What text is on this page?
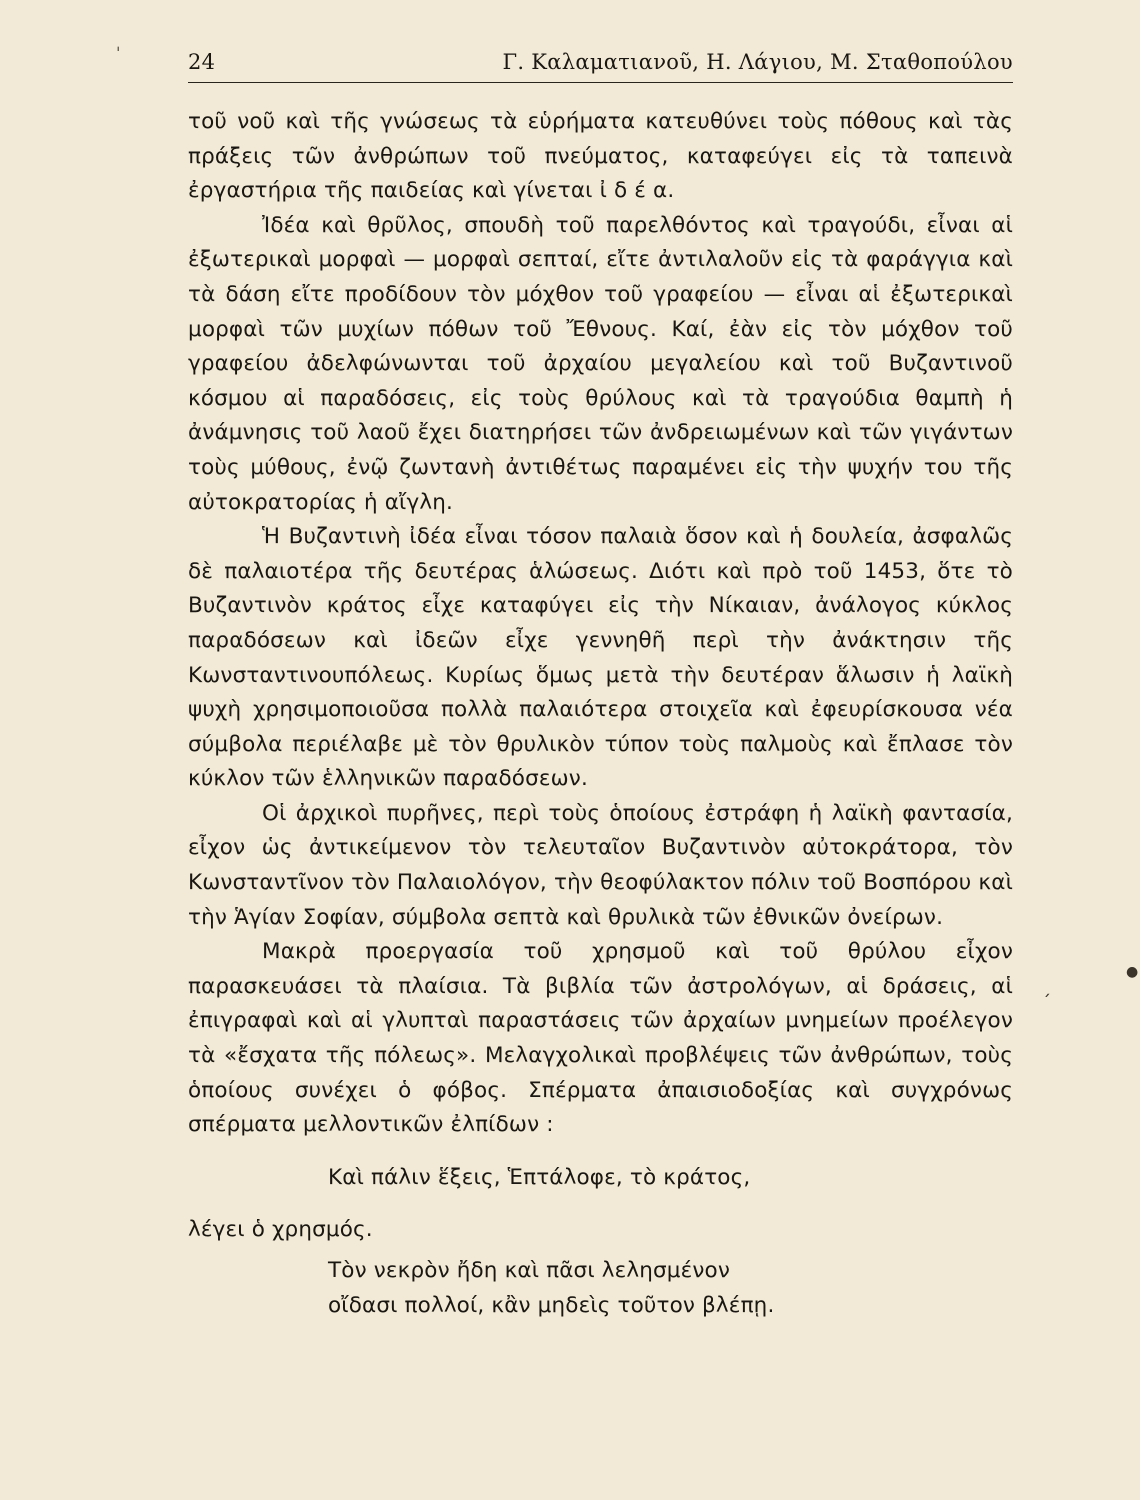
24	Γ. Καλαματιανοῦ, Η. Λάγιου, Μ. Σταθοπούλου

τοῦ νοῦ καὶ τῆς γνώσεως τὰ εὑρήματα κατευθύνει τοὺς πόθους καὶ τὰς πράξεις τῶν ἀνθρώπων τοῦ πνεύματος, καταφεύγει εἰς τὰ ταπεινὰ ἐργαστήρια τῆς παιδείας καὶ γίνεται ἰ δ έ α.

Ἰδέα καὶ θρῦλος, σπουδὴ τοῦ παρελθόντος καὶ τραγούδι, εἶναι αἱ ἐξωτερικαὶ μορφαὶ — μορφαὶ σεπταί, εἴτε ἀντιλαλοῦν εἰς τὰ φαράγγια καὶ τὰ δάση εἴτε προδίδουν τὸν μόχθον τοῦ γραφείου — εἶναι αἱ ἐξωτερικαὶ μορφαὶ τῶν μυχίων πόθων τοῦ Ἔθνους. Καί, ἐὰν εἰς τὸν μόχθον τοῦ γραφείου ἀδελφώνωνται τοῦ ἀρχαίου μεγαλείου καὶ τοῦ Βυζαντινοῦ κόσμου αἱ παραδόσεις, εἰς τοὺς θρύλους καὶ τὰ τραγούδια θαμπὴ ἡ ἀνάμνησις τοῦ λαοῦ ἔχει διατηρήσει τῶν ἀνδρειωμένων καὶ τῶν γιγάντων τοὺς μύθους, ἐνῷ ζωντανὴ ἀντιθέτως παραμένει εἰς τὴν ψυχήν του τῆς αὐτοκρατορίας ἡ αἴγλη.

Ἡ Βυζαντινὴ ἰδέα εἶναι τόσον παλαιὰ ὅσον καὶ ἡ δουλεία, ἀσφαλῶς δὲ παλαιοτέρα τῆς δευτέρας ἁλώσεως. Διότι καὶ πρὸ τοῦ 1453, ὅτε τὸ Βυζαντινὸν κράτος εἶχε καταφύγει εἰς τὴν Νίκαιαν, ἀνάλογος κύκλος παραδόσεων καὶ ἰδεῶν εἶχε γεννηθῆ περὶ τὴν ἀνάκτησιν τῆς Κωνσταντινουπόλεως. Κυρίως ὅμως μετὰ τὴν δευτέραν ἅλωσιν ἡ λαϊκὴ ψυχὴ χρησιμοποιοῦσα πολλὰ παλαιότερα στοιχεῖα καὶ ἐφευρίσκουσα νέα σύμβολα περιέλαβε μὲ τὸν θρυλικὸν τύπον τοὺς παλμοὺς καὶ ἔπλασε τὸν κύκλον τῶν ἑλληνικῶν παραδόσεων.

Οἱ ἀρχικοὶ πυρῆνες, περὶ τοὺς ὁποίους ἐστράφη ἡ λαϊκὴ φαντασία, εἶχον ὡς ἀντικείμενον τὸν τελευταῖον Βυζαντινὸν αὐτοκράτορα, τὸν Κωνσταντῖνον τὸν Παλαιολόγον, τὴν θεοφύλακτον πόλιν τοῦ Βοσπόρου καὶ τὴν Ἁγίαν Σοφίαν, σύμβολα σεπτὰ καὶ θρυλικὰ τῶν ἐθνικῶν ὀνείρων.

Μακρὰ προεργασία τοῦ χρησμοῦ καὶ τοῦ θρύλου εἶχον παρασκευάσει τὰ πλαίσια. Τὰ βιβλία τῶν ἀστρολόγων, αἱ δράσεις, αἱ ἐπιγραφαὶ καὶ αἱ γλυπταὶ παραστάσεις τῶν ἀρχαίων μνημείων προέλεγον τὰ «ἔσχατα τῆς πόλεως». Μελαγχολικαὶ προβλέψεις τῶν ἀνθρώπων, τοὺς ὁποίους συνέχει ὁ φόβος. Σπέρματα ἀπαισιοδοξίας καὶ συγχρόνως σπέρματα μελλοντικῶν ἐλπίδων :

Καὶ πάλιν ἕξεις, Ἑπτάλοφε, τὸ κράτος,

λέγει ὁ χρησμός.

Τὸν νεκρὸν ἤδη καὶ πᾶσι λελησμένον
οἴδασι πολλοί, κἂν μηδεὶς τοῦτον βλέπῃ.
ˈ
●
ˊ
